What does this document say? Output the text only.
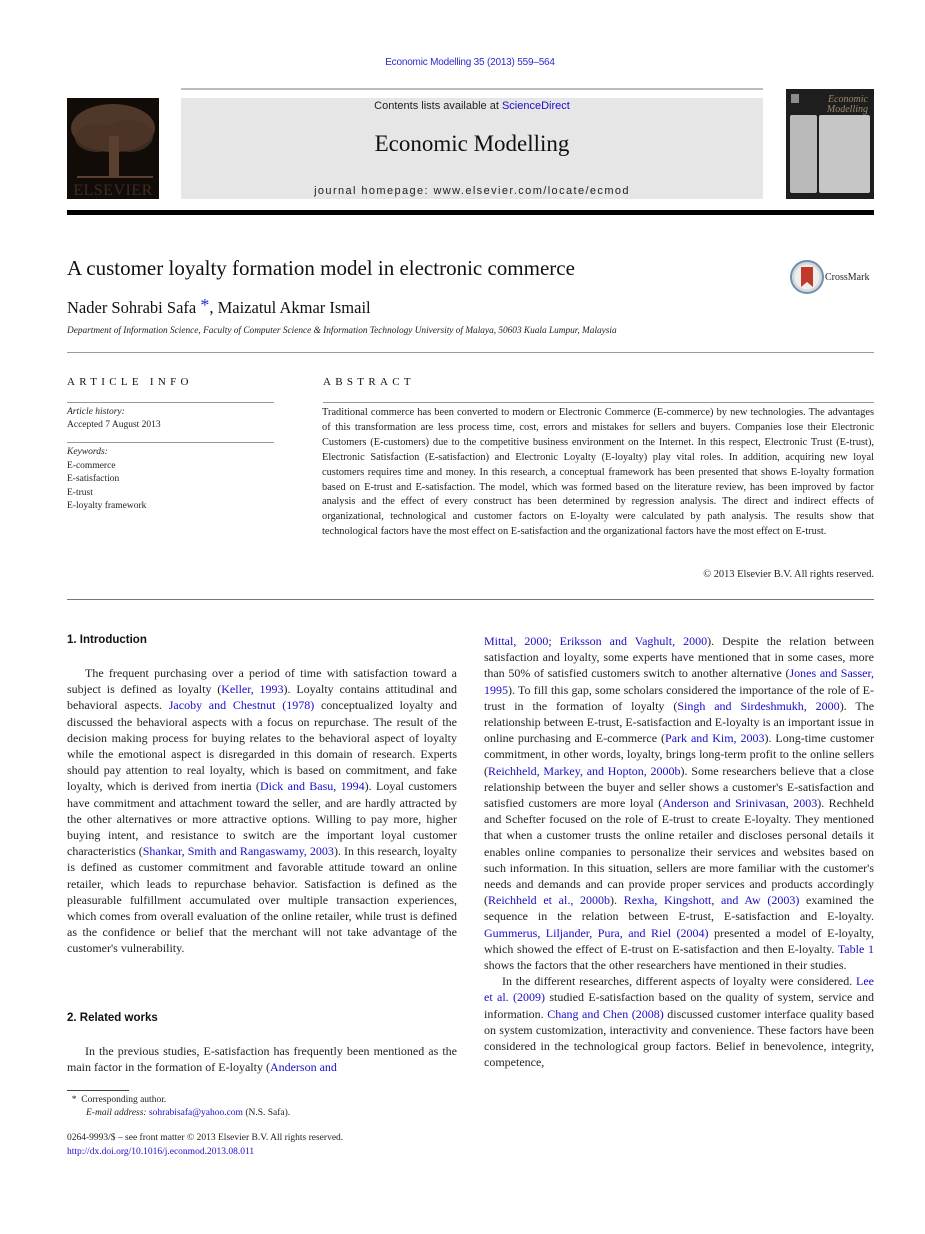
Economic Modelling 35 (2013) 559–564
ELSEVIER
Contents lists available at ScienceDirect
Economic Modelling
journal homepage: www.elsevier.com/locate/ecmod
Economic
Modelling
A customer loyalty formation model in electronic commerce
Nader Sohrabi Safa *, Maizatul Akmar Ismail
Department of Information Science, Faculty of Computer Science & Information Technology University of Malaya, 50603 Kuala Lumpur, Malaysia
CrossMark
ARTICLE INFO
Article history:
Accepted 7 August 2013
Keywords:
E-commerce
E-satisfaction
E-trust
E-loyalty framework
ABSTRACT
Traditional commerce has been converted to modern or Electronic Commerce (E-commerce) by new technologies. The advantages of this transformation are less process time, cost, errors and mistakes for sellers and buyers. Companies lose their Electronic Customers (E-customers) due to the competitive business environment on the Internet. In this respect, Electronic Trust (E-trust), Electronic Satisfaction (E-satisfaction) and Electronic Loyalty (E-loyalty) play vital roles. In addition, acquiring new loyal customers requires time and money. In this research, a conceptual framework has been presented that shows E-loyalty formation based on E-trust and E-satisfaction. The model, which was formed based on the literature review, has been improved by factor analysis and the effect of every construct has been determined by regression analysis. The direct and indirect effects of organizational, technological and customer factors on E-loyalty were calculated by path analysis. The results show that technological factors have the most effect on E-satisfaction and the organizational factors have the most effect on E-trust.
© 2013 Elsevier B.V. All rights reserved.
1. Introduction
The frequent purchasing over a period of time with satisfaction toward a subject is defined as loyalty (Keller, 1993). Loyalty contains attitudinal and behavioral aspects. Jacoby and Chestnut (1978) conceptualized loyalty and discussed the behavioral aspects with a focus on repurchase. The result of the decision making process for buying relates to the behavioral aspect of loyalty while the emotional aspect is disregarded in this domain of research. Experts should pay attention to real loyalty, which is based on commitment, and fake loyalty, which is derived from inertia (Dick and Basu, 1994). Loyal customers have commitment and attachment toward the seller, and are hardly attracted by the other alternatives or more attractive options. Willing to pay more, higher buying intent, and resistance to switch are the important loyal customer characteristics (Shankar, Smith and Rangaswamy, 2003). In this research, loyalty is defined as customer commitment and favorable attitude toward an online retailer, which leads to repurchase behavior. Satisfaction is defined as the pleasurable fulfillment accumulated over multiple transaction experiences, which comes from overall evaluation of the online retailer, while trust is defined as the confidence or belief that the merchant will not take advantage of the customer's vulnerability.
2. Related works
In the previous studies, E-satisfaction has frequently been mentioned as the main factor in the formation of E-loyalty (Anderson and
Mittal, 2000; Eriksson and Vaghult, 2000). Despite the relation between satisfaction and loyalty, some experts have mentioned that in some cases, more than 50% of satisfied customers switch to another alternative (Jones and Sasser, 1995). To fill this gap, some scholars considered the importance of the role of E-trust in the formation of loyalty (Singh and Sirdeshmukh, 2000). The relationship between E-trust, E-satisfaction and E-loyalty is an important issue in online purchasing and E-commerce (Park and Kim, 2003). Long-time customer commitment, in other words, loyalty, brings long-term profit to the online sellers (Reichheld, Markey, and Hopton, 2000b). Some researchers believe that a close relationship between the buyer and seller shows a customer's E-satisfaction and satisfied customers are more loyal (Anderson and Srinivasan, 2003). Rechheld and Schefter focused on the role of E-trust to create E-loyalty. They mentioned that when a customer trusts the online retailer and discloses personal details it enables online companies to personalize their services and websites based on such information. In this situation, sellers are more familiar with the customer's needs and demands and can provide proper services and products accordingly (Reichheld et al., 2000b). Rexha, Kingshott, and Aw (2003) examined the sequence in the relation between E-trust, E-satisfaction and E-loyalty. Gummerus, Liljander, Pura, and Riel (2004) presented a model of E-loyalty, which showed the effect of E-trust on E-satisfaction and then E-loyalty. Table 1 shows the factors that the other researchers have mentioned in their studies.
In the different researches, different aspects of loyalty were considered. Lee et al. (2009) studied E-satisfaction based on the quality of system, service and information. Chang and Chen (2008) discussed customer interface quality based on system customization, interactivity and convenience. These factors have been considered in the technological group factors. Belief in benevolence, integrity, competence,
* Corresponding author.
E-mail address: sohrabisafa@yahoo.com (N.S. Safa).
0264-9993/$ – see front matter © 2013 Elsevier B.V. All rights reserved.
http://dx.doi.org/10.1016/j.econmod.2013.08.011
